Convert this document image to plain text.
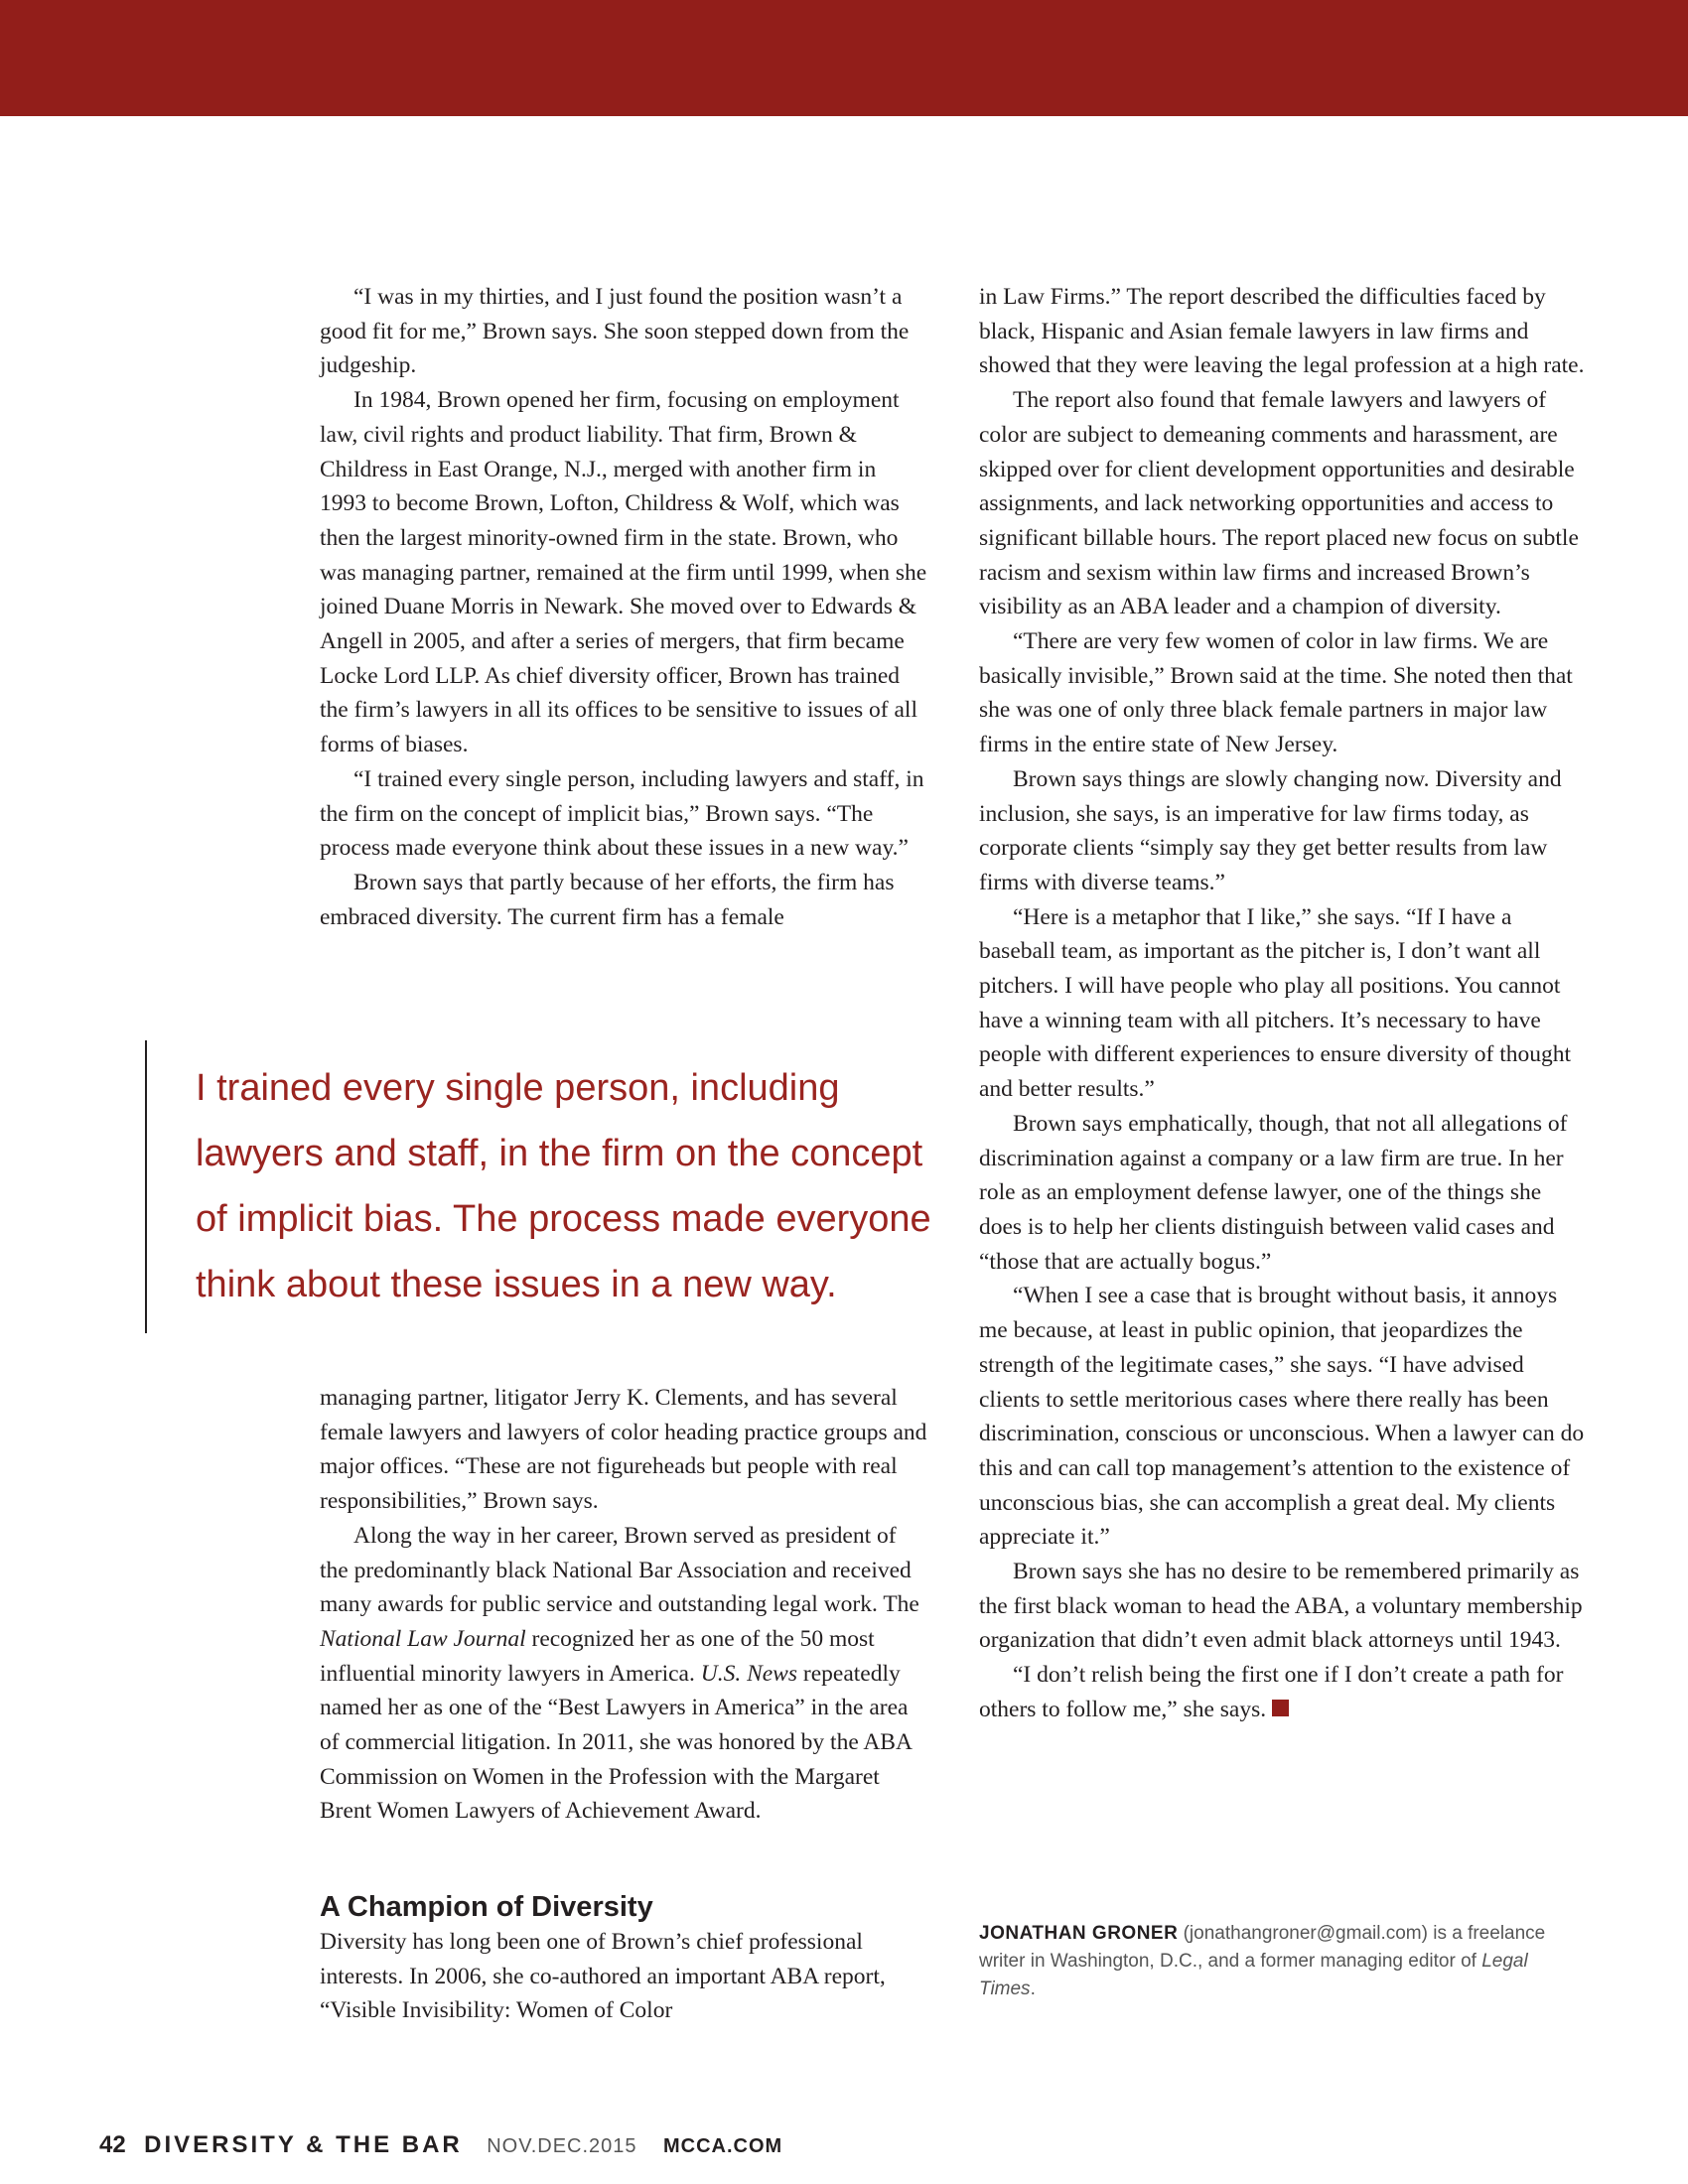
“I was in my thirties, and I just found the position wasn’t a good fit for me,” Brown says. She soon stepped down from the judgeship.

In 1984, Brown opened her firm, focusing on employment law, civil rights and product liability. That firm, Brown & Childress in East Orange, N.J., merged with another firm in 1993 to become Brown, Lofton, Childress & Wolf, which was then the largest minority-owned firm in the state. Brown, who was managing partner, remained at the firm until 1999, when she joined Duane Morris in Newark. She moved over to Edwards & Angell in 2005, and after a series of mergers, that firm became Locke Lord LLP. As chief diversity officer, Brown has trained the firm’s lawyers in all its offices to be sensitive to issues of all forms of biases.

“I trained every single person, including lawyers and staff, in the firm on the concept of implicit bias,” Brown says. “The process made everyone think about these issues in a new way.”

Brown says that partly because of her efforts, the firm has embraced diversity. The current firm has a female

I trained every single person, including lawyers and staff, in the firm on the concept of implicit bias. The process made everyone think about these issues in a new way.

managing partner, litigator Jerry K. Clements, and has several female lawyers and lawyers of color heading practice groups and major offices. “These are not figureheads but people with real responsibilities,” Brown says.

Along the way in her career, Brown served as president of the predominantly black National Bar Association and received many awards for public service and outstanding legal work. The National Law Journal recognized her as one of the 50 most influential minority lawyers in America. U.S. News repeatedly named her as one of the “Best Lawyers in America” in the area of commercial litigation. In 2011, she was honored by the ABA Commission on Women in the Profession with the Margaret Brent Women Lawyers of Achievement Award.

A Champion of Diversity

Diversity has long been one of Brown’s chief professional interests. In 2006, she co-authored an important ABA report, “Visible Invisibility: Women of Color

in Law Firms.” The report described the difficulties faced by black, Hispanic and Asian female lawyers in law firms and showed that they were leaving the legal profession at a high rate.

The report also found that female lawyers and lawyers of color are subject to demeaning comments and harassment, are skipped over for client development opportunities and desirable assignments, and lack networking opportunities and access to significant billable hours. The report placed new focus on subtle racism and sexism within law firms and increased Brown’s visibility as an ABA leader and a champion of diversity.

“There are very few women of color in law firms. We are basically invisible,” Brown said at the time. She noted then that she was one of only three black female partners in major law firms in the entire state of New Jersey.

Brown says things are slowly changing now. Diversity and inclusion, she says, is an imperative for law firms today, as corporate clients “simply say they get better results from law firms with diverse teams.”

“Here is a metaphor that I like,” she says. “If I have a baseball team, as important as the pitcher is, I don’t want all pitchers. I will have people who play all positions. You cannot have a winning team with all pitchers. It’s necessary to have people with different experiences to ensure diversity of thought and better results.”

Brown says emphatically, though, that not all allegations of discrimination against a company or a law firm are true. In her role as an employment defense lawyer, one of the things she does is to help her clients distinguish between valid cases and “those that are actually bogus.”

“When I see a case that is brought without basis, it annoys me because, at least in public opinion, that jeopardizes the strength of the legitimate cases,” she says. “I have advised clients to settle meritorious cases where there really has been discrimination, conscious or unconscious. When a lawyer can do this and can call top management’s attention to the existence of unconscious bias, she can accomplish a great deal. My clients appreciate it.”

Brown says she has no desire to be remembered primarily as the first black woman to head the ABA, a voluntary membership organization that didn’t even admit black attorneys until 1943.

“I don’t relish being the first one if I don’t create a path for others to follow me,” she says.

JONATHAN GRONER (jonathangroner@gmail.com) is a freelance writer in Washington, D.C., and a former managing editor of Legal Times.
42 DIVERSITY & THE BAR NOV.DEC.2015 MCCA.COM
